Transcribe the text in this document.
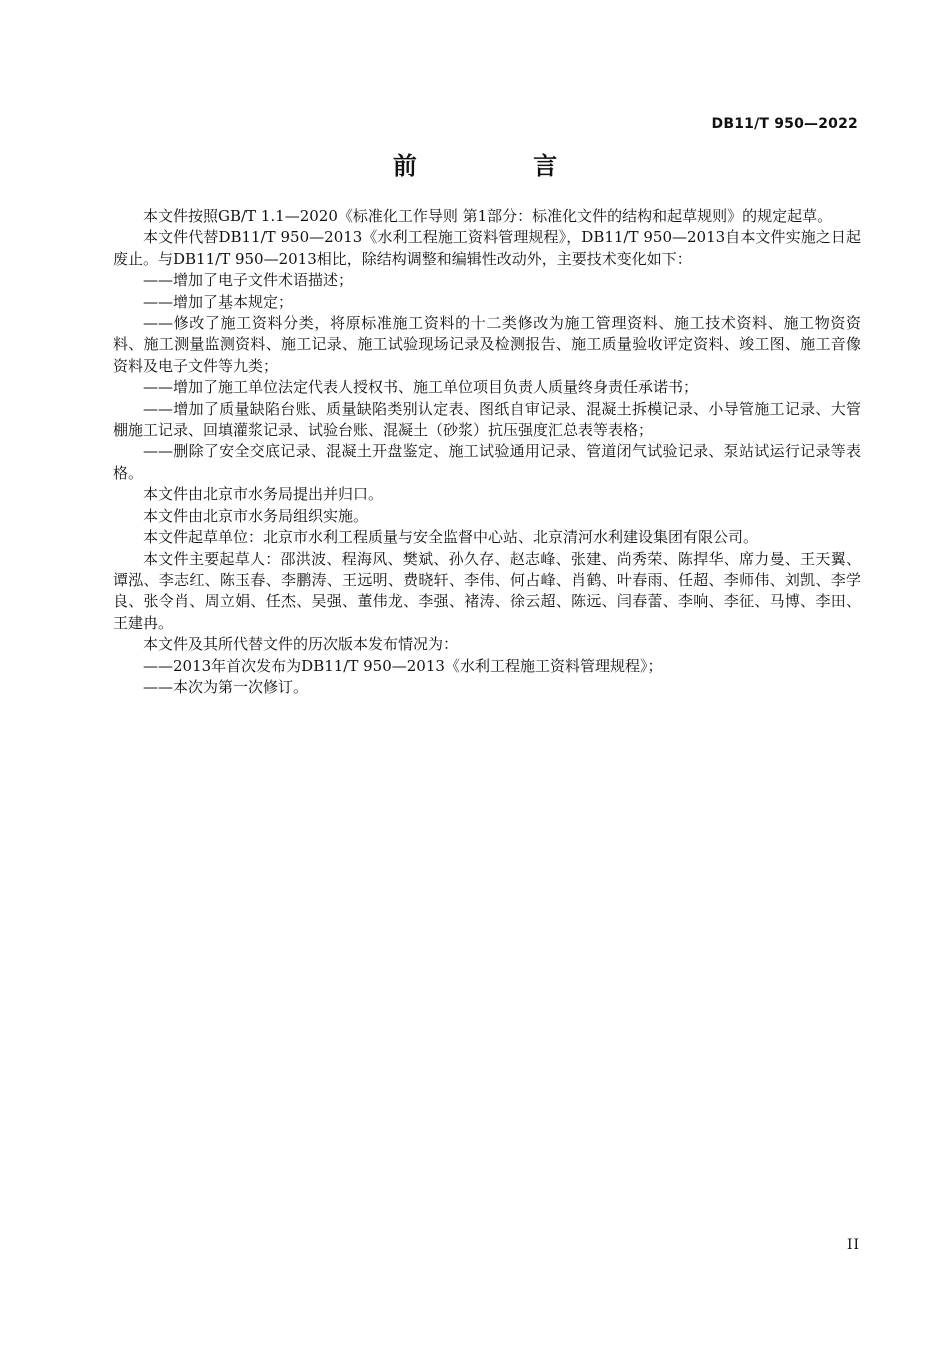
DB11/T 950—2022
前 言

本文件按照GB/T 1.1—2020《标准化工作导则 第1部分：标准化文件的结构和起草规则》的规定起草。

本文件代替DB11/T 950—2013《水利工程施工资料管理规程》，DB11/T 950—2013自本文件实施之日起废止。与DB11/T 950—2013相比，除结构调整和编辑性改动外，主要技术变化如下：

——增加了电子文件术语描述；

——增加了基本规定；

——修改了施工资料分类，将原标准施工资料的十二类修改为施工管理资料、施工技术资料、施工物资资料、施工测量监测资料、施工记录、施工试验现场记录及检测报告、施工质量验收评定资料、竣工图、施工音像资料及电子文件等九类；

——增加了施工单位法定代表人授权书、施工单位项目负责人质量终身责任承诺书；

——增加了质量缺陷台账、质量缺陷类别认定表、图纸自审记录、混凝土拆模记录、小导管施工记录、大管棚施工记录、回填灌浆记录、试验台账、混凝土（砂浆）抗压强度汇总表等表格；

——删除了安全交底记录、混凝土开盘鉴定、施工试验通用记录、管道闭气试验记录、泵站试运行记录等表格。

本文件由北京市水务局提出并归口。

本文件由北京市水务局组织实施。

本文件起草单位：北京市水利工程质量与安全监督中心站、北京清河水利建设集团有限公司。

本文件主要起草人：邵洪波、程海风、樊斌、孙久存、赵志峰、张建、尚秀荣、陈捍华、席力曼、王天翼、谭泓、李志红、陈玉春、李鹏涛、王远明、费晓轩、李伟、何占峰、肖鹤、叶春雨、任超、李师伟、刘凯、李学良、张令肖、周立娟、任杰、吴强、董伟龙、李强、褚涛、徐云超、陈远、闫春蕾、李响、李征、马博、李田、王建冉。

本文件及其所代替文件的历次版本发布情况为：

——2013年首次发布为DB11/T 950—2013《水利工程施工资料管理规程》；

——本次为第一次修订。

II
